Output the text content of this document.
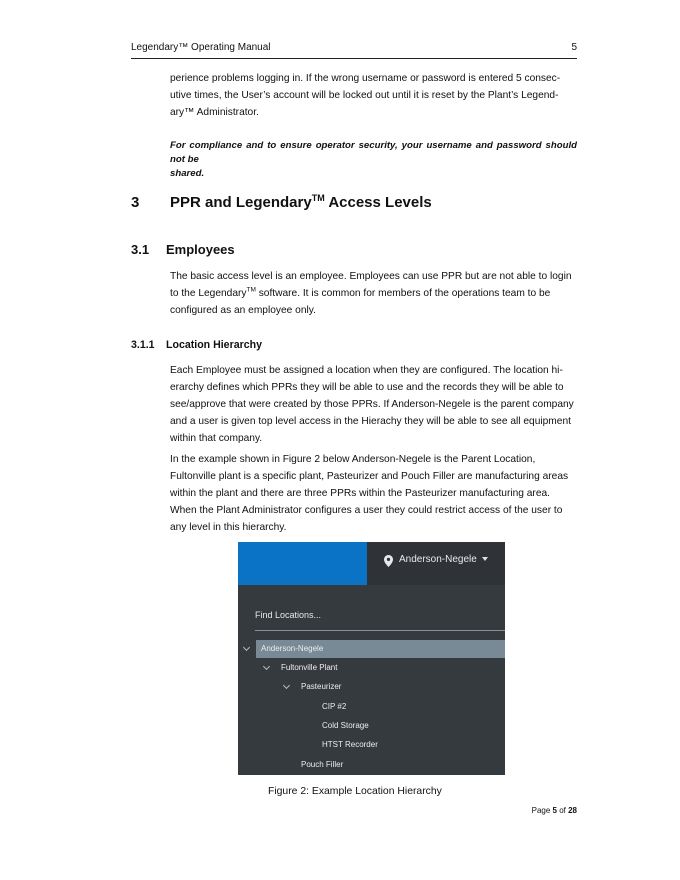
Legendary™ Operating Manual	5
perience problems logging in. If the wrong username or password is entered 5 consec-
utive times, the User’s account will be locked out until it is reset by the Plant’s Legend-
ary™ Administrator.
For compliance and to ensure operator security, your username and password should not be
shared.
3 PPR and Legendary™ Access Levels
3.1 Employees
The basic access level is an employee. Employees can use PPR but are not able to login
to the Legendary™ software. It is common for members of the operations team to be
configured as an employee only.
3.1.1 Location Hierarchy
Each Employee must be assigned a location when they are configured. The location hi-
erarchy defines which PPRs they will be able to use and the records they will be able to
see/approve that were created by those PPRs. If Anderson-Negele is the parent company
and a user is given top level access in the Hierachy they will be able to see all equipment
within that company.
In the example shown in Figure 2 below Anderson-Negele is the Parent Location,
Fultonville plant is a specific plant, Pasteurizer and Pouch Filler are manufacturing areas
within the plant and there are three PPRs within the Pasteurizer manufacturing area.
When the Plant Administrator configures a user they could restrict access of the user to
any level in this hierarchy.
Anderson-Negele
Find Locations...
Anderson-Negele
Fultonville Plant
Pasteurizer
CIP #2
Cold Storage
HTST Recorder
Pouch Filler
Figure 2: Example Location Hierarchy
Page 5 of 28
